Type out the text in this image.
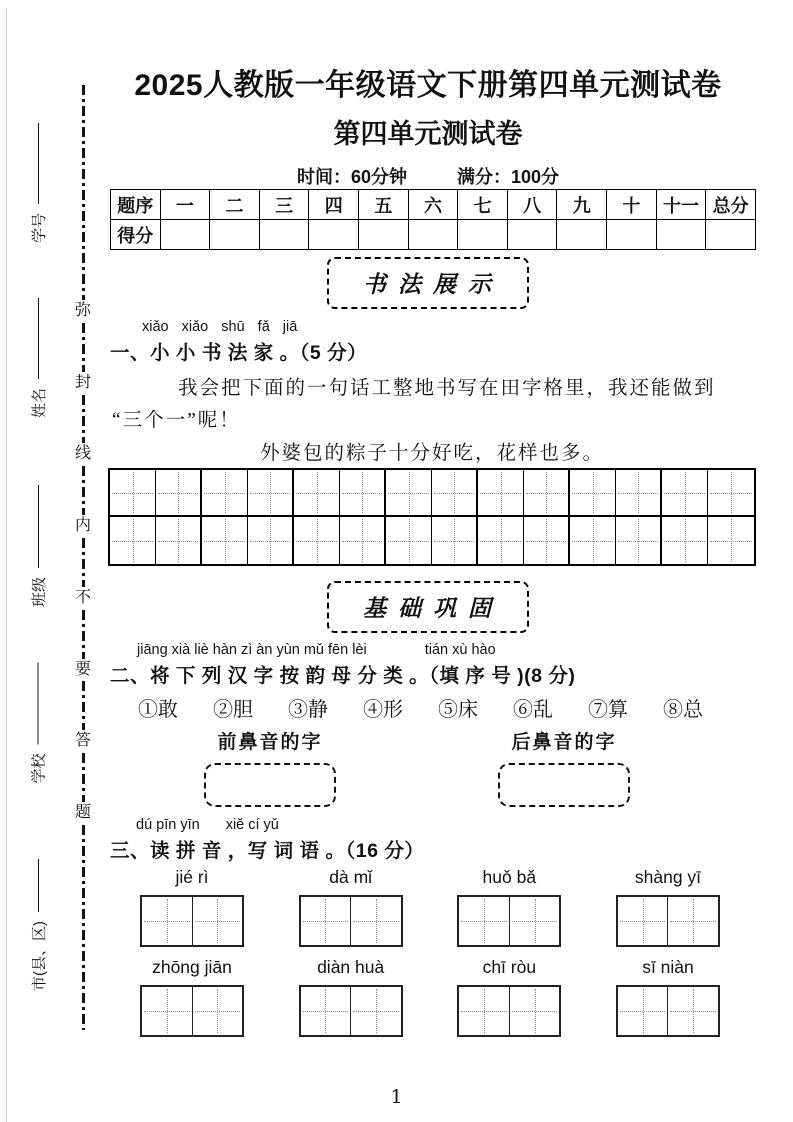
学号
姓名
班级
学校
市(县、区)
弥
封
线
内
不
要
答
题
2025人教版一年级语文下册第四单元测试卷
第四单元测试卷
时间：60分钟	满分：100分
题序	一	二	三	四	五	六	七	八	九	十	十一	总分
得分												
书法展示
xiǎo xiǎo shū fǎ jiā
一、小 小 书 法 家 。（5 分）
我会把下面的一句话工整地书写在田字格里，我还能做到
“三个一”呢！
外婆包的粽子十分好吃，花样也多。
基础巩固
jiāng xià liè hàn zì àn yùn mǔ fēn lèi	tián xù hào
二、将 下 列 汉 字 按 韵 母 分 类 。（填 序 号 )(8 分)
①敢 ②胆 ③静 ④形 ⑤床 ⑥乱 ⑦算 ⑧总
前鼻音的字	后鼻音的字
dú pīn yīn xiě cí yǔ
三、读 拼 音 ，写 词 语 。（16 分）
jié rì	dà mǐ	huǒ bǎ	shàng yī
zhōng jiān	diàn huà	chī ròu	sī niàn
1
